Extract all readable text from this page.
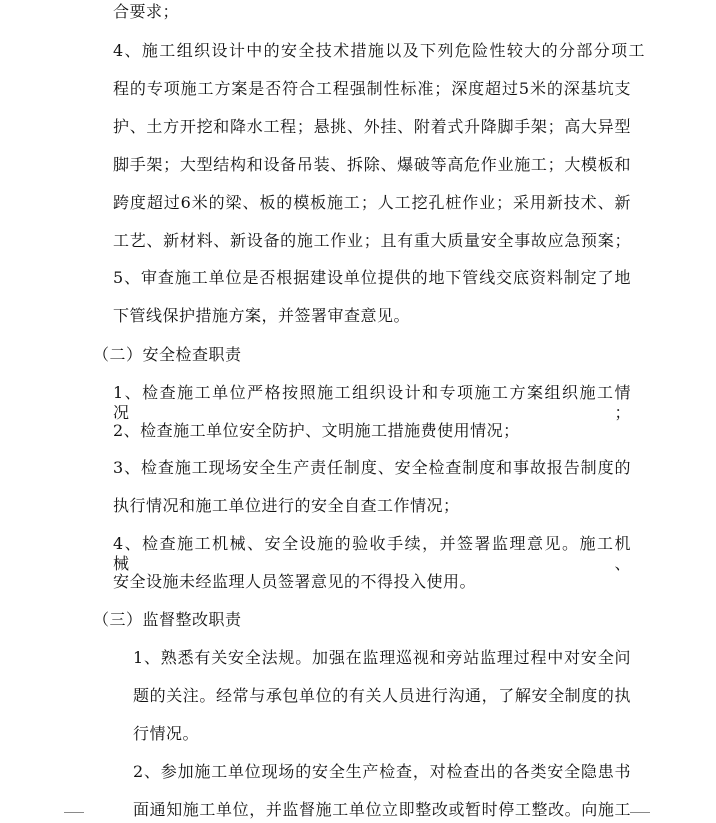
合要求；
4、施工组织设计中的安全技术措施以及下列危险性较大的分部分项工
程的专项施工方案是否符合工程强制性标准；深度超过5米的深基坑支
护、土方开挖和降水工程；悬挑、外挂、附着式升降脚手架；高大异型
脚手架；大型结构和设备吊装、拆除、爆破等高危作业施工；大模板和
跨度超过6米的梁、板的模板施工；人工挖孔桩作业；采用新技术、新
工艺、新材料、新设备的施工作业；且有重大质量安全事故应急预案；
5、审查施工单位是否根据建设单位提供的地下管线交底资料制定了地
下管线保护措施方案，并签署审查意见。
（二）安全检查职责
1、检查施工单位严格按照施工组织设计和专项施工方案组织施工情况；
2、检查施工单位安全防护、文明施工措施费使用情况；
3、检查施工现场安全生产责任制度、安全检查制度和事故报告制度的
执行情况和施工单位进行的安全自查工作情况；
4、检查施工机械、安全设施的验收手续，并签署监理意见。施工机械、
安全设施未经监理人员签署意见的不得投入使用。
（三）监督整改职责
1、熟悉有关安全法规。加强在监理巡视和旁站监理过程中对安全问
题的关注。经常与承包单位的有关人员进行沟通，了解安全制度的执
行情况。
2、参加施工单位现场的安全生产检查，对检查出的各类安全隐患书
面通知施工单位，并监督施工单位立即整改或暂时停工整改。向施工
